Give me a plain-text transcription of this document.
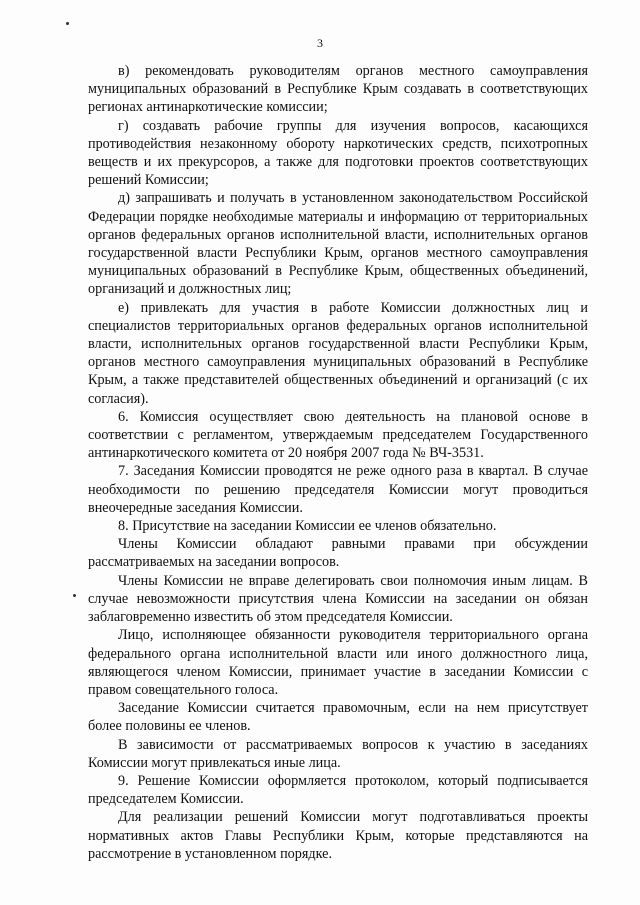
3

в) рекомендовать руководителям органов местного самоуправления муниципальных образований в Республике Крым создавать в соответствующих регионах антинаркотические комиссии;

г) создавать рабочие группы для изучения вопросов, касающихся противодействия незаконному обороту наркотических средств, психотропных веществ и их прекурсоров, а также для подготовки проектов соответствующих решений Комиссии;

д) запрашивать и получать в установленном законодательством Российской Федерации порядке необходимые материалы и информацию от территориальных органов федеральных органов исполнительной власти, исполнительных органов государственной власти Республики Крым, органов местного самоуправления муниципальных образований в Республике Крым, общественных объединений, организаций и должностных лиц;

е) привлекать для участия в работе Комиссии должностных лиц и специалистов территориальных органов федеральных органов исполнительной власти, исполнительных органов государственной власти Республики Крым, органов местного самоуправления муниципальных образований в Республике Крым, а также представителей общественных объединений и организаций (с их согласия).

6. Комиссия осуществляет свою деятельность на плановой основе в соответствии с регламентом, утверждаемым председателем Государственного антинаркотического комитета от 20 ноября 2007 года № ВЧ-3531.

7. Заседания Комиссии проводятся не реже одного раза в квартал. В случае необходимости по решению председателя Комиссии могут проводиться внеочередные заседания Комиссии.

8. Присутствие на заседании Комиссии ее членов обязательно.

Члены Комиссии обладают равными правами при обсуждении рассматриваемых на заседании вопросов.

Члены Комиссии не вправе делегировать свои полномочия иным лицам. В случае невозможности присутствия члена Комиссии на заседании он обязан заблаговременно известить об этом председателя Комиссии.

Лицо, исполняющее обязанности руководителя территориального органа федерального органа исполнительной власти или иного должностного лица, являющегося членом Комиссии, принимает участие в заседании Комиссии с правом совещательного голоса.

Заседание Комиссии считается правомочным, если на нем присутствует более половины ее членов.

В зависимости от рассматриваемых вопросов к участию в заседаниях Комиссии могут привлекаться иные лица.

9. Решение Комиссии оформляется протоколом, который подписывается председателем Комиссии.

Для реализации решений Комиссии могут подготавливаться проекты нормативных актов Главы Республики Крым, которые представляются на рассмотрение в установленном порядке.
